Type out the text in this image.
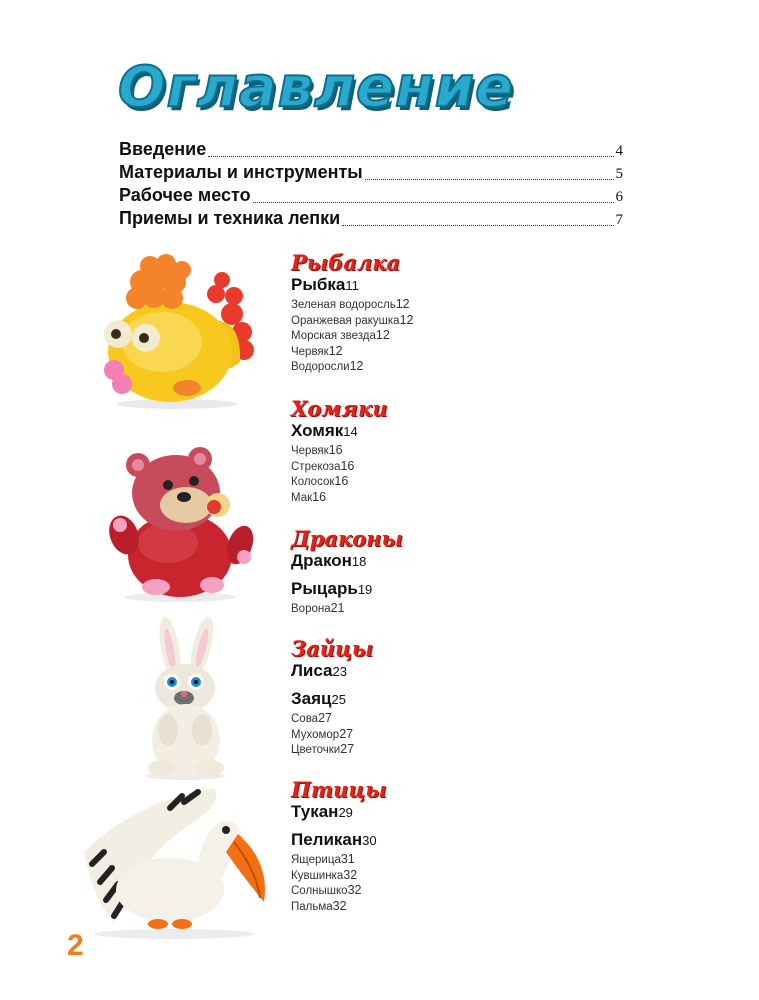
Оглавление
Введение	4
Материалы и инструменты	5
Рабочее место	6
Приемы и техника лепки	7
Рыбалка
Рыбка 11
Зеленая водоросль 12
Оранжевая ракушка 12
Морская звезда 12
Червяк 12
Водоросли 12
Хомяки
Хомяк 14
Червяк 16
Стрекоза 16
Колосок 16
Мак 16
Драконы
Дракон 18
Рыцарь 19
Ворона 21
Зайцы
Лиса 23
Заяц 25
Сова 27
Мухомор 27
Цветочки 27
Птицы
Тукан 29
Пеликан 30
Ящерица 31
Кувшинка 32
Солнышко 32
Пальма 32
2
